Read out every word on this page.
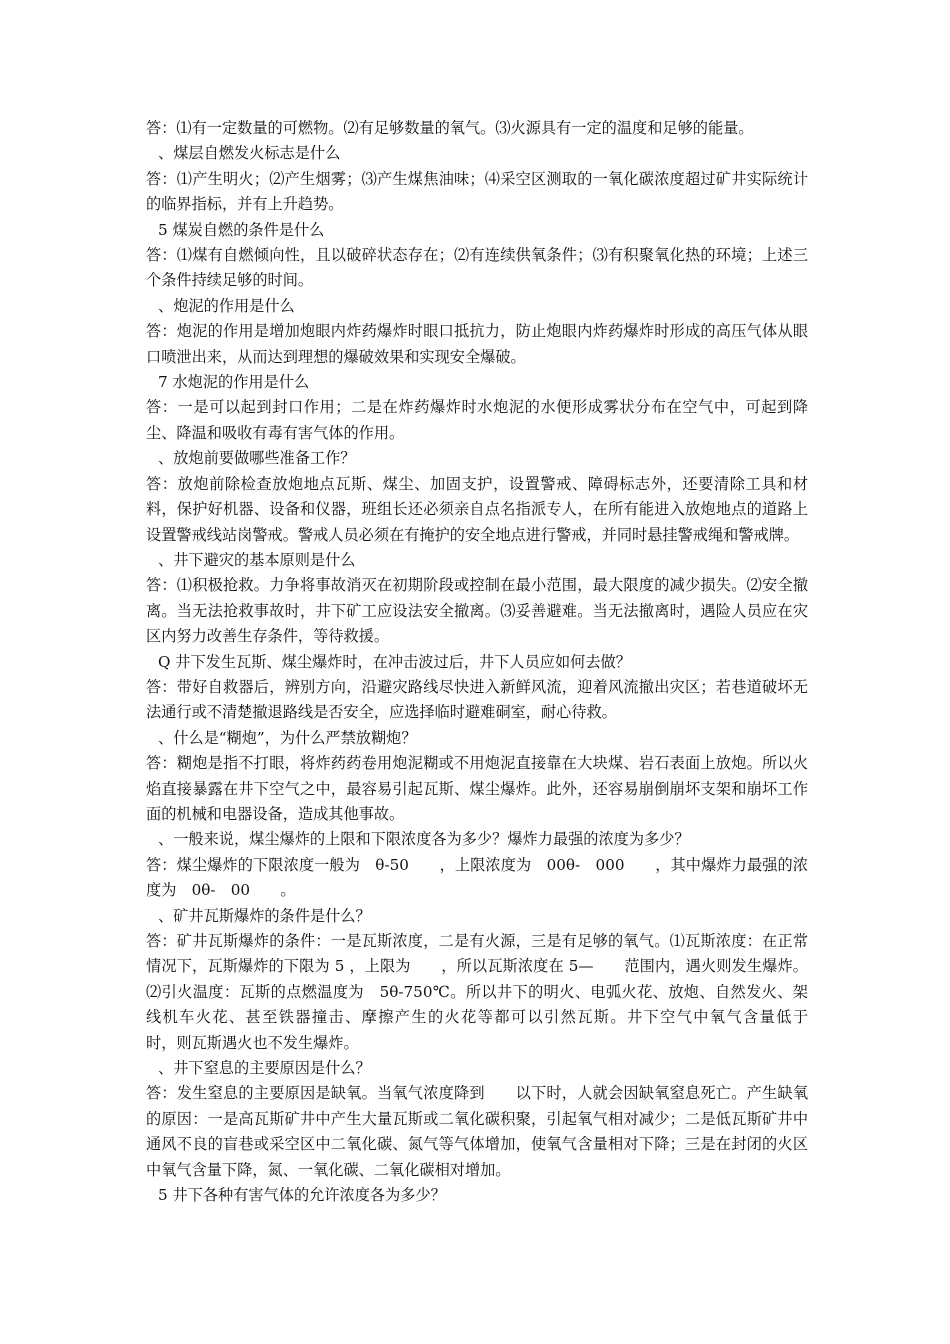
答：⑴有一定数量的可燃物。⑵有足够数量的氧气。⑶火源具有一定的温度和足够的能量。

、煤层自燃发火标志是什么

答：⑴产生明火；⑵产生烟雾；⑶产生煤焦油味；⑷采空区测取的一氧化碳浓度超过矿井实际统计的临界指标，并有上升趋势。

5 煤炭自燃的条件是什么

答：⑴煤有自燃倾向性，且以破碎状态存在；⑵有连续供氧条件；⑶有积聚氧化热的环境；上述三个条件持续足够的时间。

、炮泥的作用是什么

答：炮泥的作用是增加炮眼内炸药爆炸时眼口抵抗力，防止炮眼内炸药爆炸时形成的高压气体从眼口喷泄出来，从而达到理想的爆破效果和实现安全爆破。

7 水炮泥的作用是什么

答：一是可以起到封口作用；二是在炸药爆炸时水炮泥的水便形成雾状分布在空气中，可起到降尘、降温和吸收有毒有害气体的作用。

、放炮前要做哪些准备工作？

答：放炮前除检查放炮地点瓦斯、煤尘、加固支护，设置警戒、障碍标志外，还要清除工具和材料，保护好机器、设备和仪器，班组长还必须亲自点名指派专人，在所有能进入放炮地点的道路上设置警戒线站岗警戒。警戒人员必须在有掩护的安全地点进行警戒，并同时悬挂警戒绳和警戒牌。

、井下避灾的基本原则是什么

答：⑴积极抢救。力争将事故消灭在初期阶段或控制在最小范围，最大限度的减少损失。⑵安全撤离。当无法抢救事故时，井下矿工应设法安全撤离。⑶妥善避难。当无法撤离时，遇险人员应在灾区内努力改善生存条件，等待救援。

Q 井下发生瓦斯、煤尘爆炸时，在冲击波过后，井下人员应如何去做？

答：带好自救器后，辨别方向，沿避灾路线尽快进入新鲜风流，迎着风流撤出灾区；若巷道破坏无法通行或不清楚撤退路线是否安全，应选择临时避难硐室，耐心待救。

、什么是“糊炮”，为什么严禁放糊炮？

答：糊炮是指不打眼，将炸药药卷用炮泥糊或不用炮泥直接靠在大块煤、岩石表面上放炮。所以火焰直接暴露在井下空气之中，最容易引起瓦斯、煤尘爆炸。此外，还容易崩倒崩坏支架和崩坏工作面的机械和电器设备，造成其他事故。

、一般来说，煤尘爆炸的上限和下限浓度各为多少？爆炸力最强的浓度为多少？

答：煤尘爆炸的下限浓度一般为　θ-50　　，上限浓度为　00θ-　000　　，其中爆炸力最强的浓度为　0θ-　00　　。

、矿井瓦斯爆炸的条件是什么？

答：矿井瓦斯爆炸的条件：一是瓦斯浓度，二是有火源，三是有足够的氧气。⑴瓦斯浓度：在正常情况下，瓦斯爆炸的下限为 5 ，上限为　　，所以瓦斯浓度在 5—　　范围内，遇火则发生爆炸。⑵引火温度：瓦斯的点燃温度为　5θ-750℃。所以井下的明火、电弧火花、放炮、自然发火、架线机车火花、甚至铁器撞击、摩擦产生的火花等都可以引然瓦斯。井下空气中氧气含量低于　　时，则瓦斯遇火也不发生爆炸。

、井下窒息的主要原因是什么？

答：发生窒息的主要原因是缺氧。当氧气浓度降到　　以下时，人就会因缺氧窒息死亡。产生缺氧的原因：一是高瓦斯矿井中产生大量瓦斯或二氧化碳积聚，引起氧气相对减少；二是低瓦斯矿井中通风不良的盲巷或采空区中二氧化碳、氮气等气体增加，使氧气含量相对下降；三是在封闭的火区中氧气含量下降，氮、一氧化碳、二氧化碳相对增加。

5 井下各种有害气体的允许浓度各为多少？
